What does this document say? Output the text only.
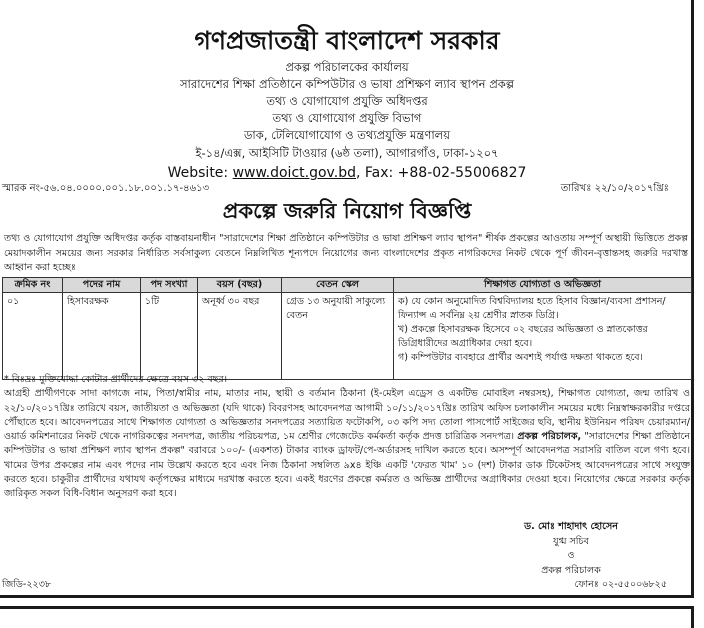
গণপ্রজাতন্ত্রী বাংলাদেশ সরকার
প্রকল্প পরিচালকের কার্যালয়
সারাদেশের শিক্ষা প্রতিষ্ঠানে কম্পিউটার ও ভাষা প্রশিক্ষণ ল্যাব স্থাপন প্রকল্প
তথ্য ও যোগাযোগ প্রযুক্তি অধিদপ্তর
তথ্য ও যোগাযোগ প্রযুক্তি বিভাগ
ডাক, টেলিযোগাযোগ ও তথ্যপ্রযুক্তি মন্ত্রণালয়
ই-১৪/এক্স, আইসিটি টাওয়ার (৬ষ্ঠ তলা), আগারগাঁও, ঢাকা-১২০৭
Website: www.doict.gov.bd, Fax: +88-02-55006827
স্মারক নং-৫৬.০৪.০০০০.০০১.১৮.০০১.১৭-৪৬১৩	তারিখঃ ২২/১০/২০১৭খ্রিঃ
প্রকল্পে জরুরি নিয়োগ বিজ্ঞপ্তি
তথ্য ও যোগাযোগ প্রযুক্তি অধিদপ্তর কর্তৃক বাস্তবায়নাধীন "সারাদেশের শিক্ষা প্রতিষ্ঠানে কম্পিউটার ও ভাষা প্রশিক্ষণ ল্যাব স্থাপন" শীর্ষক প্রকল্পের আওতায় সম্পূর্ণ অস্থায়ী ভিত্তিতে প্রকল্প মেয়াদকালীন সময়ের জন্য সরকার নির্ধারিত সর্বসাকুল্য বেতনে নিম্নলিখিত শূন্যপদে নিয়োগের জন্য বাংলাদেশের প্রকৃত নাগরিকদের নিকট থেকে পূর্ণ জীবন-বৃত্তান্তসহ জরুরি দরখাস্ত আহ্বান করা হচ্ছেঃ
ক্রমিক নং	পদের নাম	পদ সংখ্যা	বয়স (বছর)	বেতন স্কেল	শিক্ষাগত যোগ্যতা ও অভিজ্ঞতা
০১	হিসাবরক্ষক	১টি	অনূর্ধ্ব ৩০ বছর	গ্রেড ১৩ অনুযায়ী সাকুল্যে বেতন	ক) যে কোন অনুমোদিত বিশ্ববিদ্যালয় হতে হিসাব বিজ্ঞান/ব্যবসা প্রশাসন/ফিন্যান্স এ সর্বনিম্ন ২য় শ্রেণীর স্নাতক ডিগ্রি।
খ) প্রকল্পে হিসাবরক্ষক হিসেবে ০২ বছরের অভিজ্ঞতা ও স্নাতকোত্তর ডিগ্রিধারীদের অগ্রাধিকার দেয়া হবে।
গ) কম্পিউটার ব্যবহারে প্রার্থীর অবশ্যই পর্যাপ্ত দক্ষতা থাকতে হবে।
* বিঃদ্রঃ মুক্তিযোদ্ধা কোটার প্রার্থীদের ক্ষেত্রে বয়স ৩২ বছর।
আগ্রহী প্রার্থীগণকে সাদা কাগজে নাম, পিতা/স্বামীর নাম, মাতার নাম, স্থায়ী ও বর্তমান ঠিকানা (ই-মেইল এড্রেস ও একটিভ মোবাইল নম্বরসহ), শিক্ষাগত যোগ্যতা, জন্ম তারিখ ও ২২/১০/২০১৭খ্রিঃ তারিখে বয়স, জাতীয়তা ও অভিজ্ঞতা (যদি থাকে) বিবরণসহ আবেদনপত্র আগামী ১০/১১/২০১৭খ্রিঃ তারিখ অফিস চলাকালীন সময়ের মধ্যে নিম্নস্বাক্ষরকারীর দপ্তরে পৌঁছাতে হবে। আবেদনপত্রের সাথে শিক্ষাগত যোগ্যতা ও অভিজ্ঞতার সনদপত্রের সত্যায়িত ফটোকপি, ০৩ কপি সদ্য তোলা পাসপোর্ট সাইজের ছবি, স্থানীয় ইউনিয়ন পরিষদ চেয়ারম্যান/ওয়ার্ড কমিশনারের নিকট থেকে নাগরিকত্বের সনদপত্র, জাতীয় পরিচয়পত্র, ১ম শ্রেণীর গেজেটেড কর্মকর্তা কর্তৃক প্রদত্ত চারিত্রিক সনদপত্র। প্রকল্প পরিচালক, "সারাদেশের শিক্ষা প্রতিষ্ঠানে কম্পিউটার ও ভাষা প্রশিক্ষণ ল্যাব স্থাপন প্রকল্প" বরাবরে ১০০/- (একশত) টাকার ব্যাংক ড্রাফট/পে-অর্ডারসহ দাখিল করতে হবে। অসম্পূর্ণ আবেদনপত্র সরাসরি বাতিল বলে গণ্য হবে। খামের উপর প্রকল্পের নাম এবং পদের নাম উল্লেখ করতে হবে এবং নিজ ঠিকানা সম্বলিত ৯x৪ ইঞ্চি একটি 'ফেরত খাম' ১০ (দশ) টাকার ডাক টিকেটসহ আবেদনপত্রের সাথে সংযুক্ত করতে হবে। চাকুরীর প্রার্থীদের যথাযথ কর্তৃপক্ষের মাধ্যমে দরখাস্ত করতে হবে। একই ধরণের প্রকল্পে কর্মরত ও অভিজ্ঞ প্রার্থীদের অগ্রাধিকার দেওয়া হবে। নিয়োগের ক্ষেত্রে সরকার কর্তৃক জারিকৃত সকল বিধি-বিধান অনুসরণ করা হবে।
ড. মোঃ শাহাদাৎ হোসেন
যুগ্ম সচিব
ও
প্রকল্প পরিচালক
জিডি-২২৩৮	ফোনঃ ০২-৫৫০০৬৮২৫
